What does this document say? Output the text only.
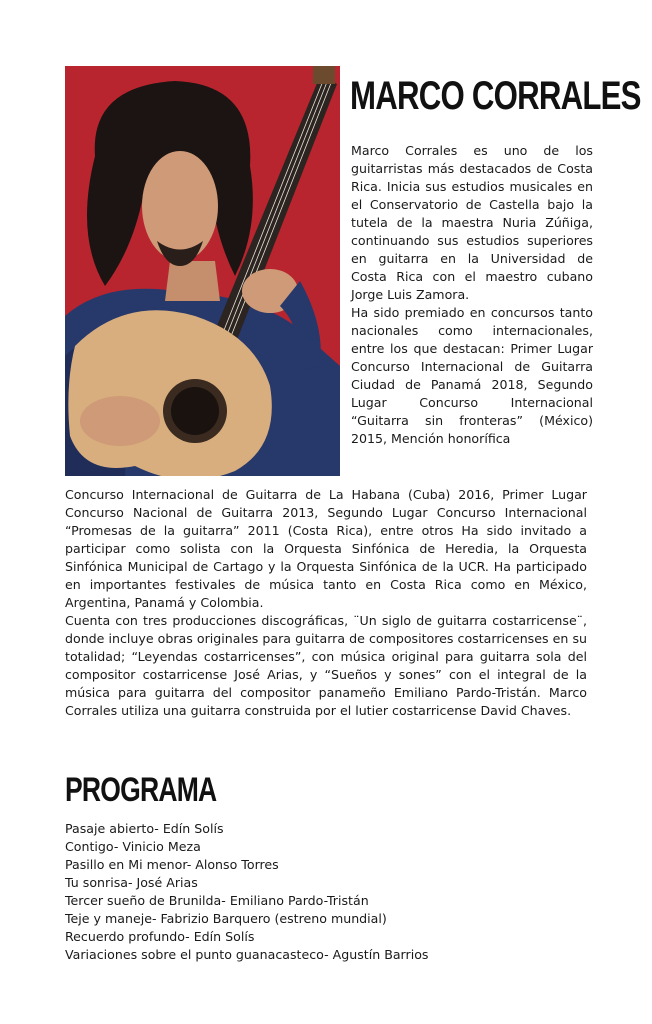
MARCO CORRALES

Marco Corrales es uno de los guitarristas más destacados de Costa Rica. Inicia sus estudios musicales en el Conservatorio de Castella bajo la tutela de la maestra Nuria Zúñiga, continuando sus estudios superiores en guitarra en la Universidad de Costa Rica con el maestro cubano Jorge Luis Zamora.

Ha sido premiado en concursos tanto nacionales como internacionales, entre los que destacan: Primer Lugar Concurso Internacional de Guitarra Ciudad de Panamá 2018, Segundo Lugar Concurso Internacional “Guitarra sin fronteras” (México) 2015, Mención honorífica

Concurso Internacional de Guitarra de La Habana (Cuba) 2016, Primer Lugar Concurso Nacional de Guitarra 2013, Segundo Lugar Concurso Internacional “Promesas de la guitarra” 2011 (Costa Rica), entre otros Ha sido invitado a participar como solista con la Orquesta Sinfónica de Heredia, la Orquesta Sinfónica Municipal de Cartago y la Orquesta Sinfónica de la UCR. Ha participado en importantes festivales de música tanto en Costa Rica como en México, Argentina, Panamá y Colombia.

Cuenta con tres producciones discográficas, ¨Un siglo de guitarra costarricense¨, donde incluye obras originales para guitarra de compositores costarricenses en su totalidad; “Leyendas costarricenses”, con música original para guitarra sola del compositor costarricense José Arias, y “Sueños y sones” con el integral de la música para guitarra del compositor panameño Emiliano Pardo-Tristán. Marco Corrales utiliza una guitarra construida por el lutier costarricense David Chaves.

PROGRAMA
Pasaje abierto- Edín Solís
Contigo- Vinicio Meza
Pasillo en Mi menor- Alonso Torres
Tu sonrisa- José Arias
Tercer sueño de Brunilda- Emiliano Pardo-Tristán
Teje y maneje- Fabrizio Barquero (estreno mundial)
Recuerdo profundo- Edín Solís
Variaciones sobre el punto guanacasteco- Agustín Barrios
